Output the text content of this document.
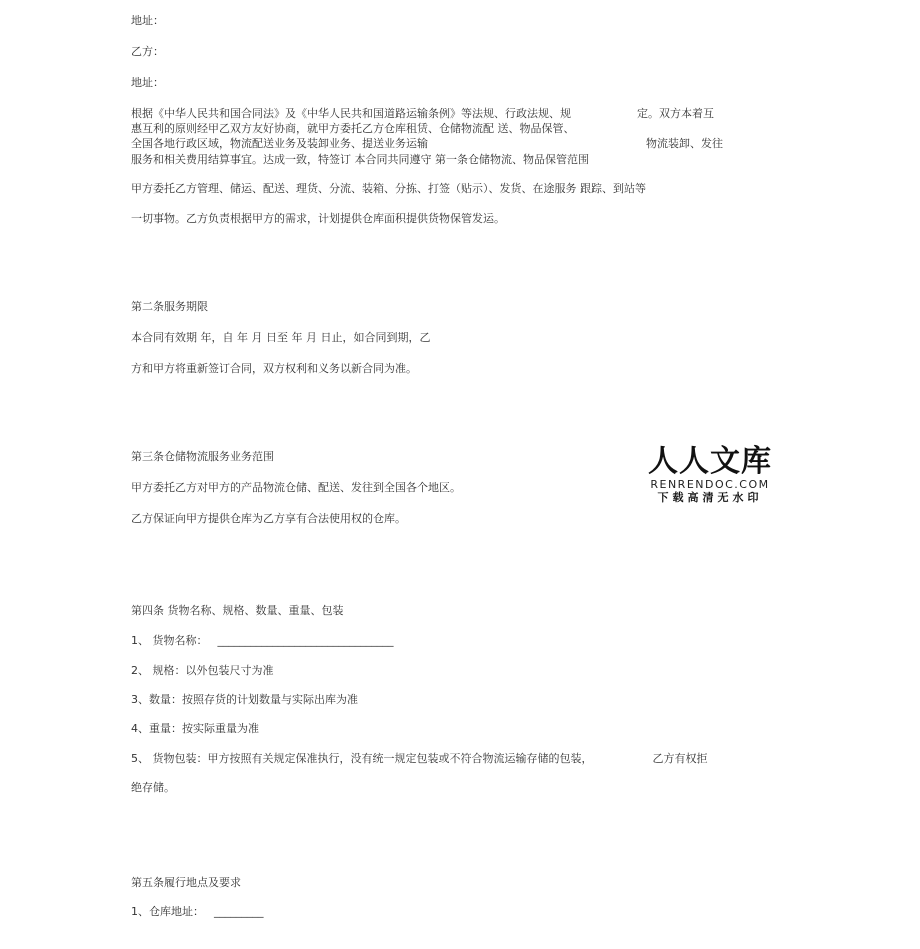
地址：

乙方：

地址：

根据《中华人民共和国合同法》及《中华人民共和国道路运输条例》等法规、行政法规、规	定。双方本着互

惠互利的原则经甲乙双方友好协商，就甲方委托乙方仓库租赁、仓储物流配 送、物品保管、

全国各地行政区域，物流配送业务及装卸业务、提送业务运输	物流装卸、发往

服务和相关费用结算事宜。达成一致，特签订 本合同共同遵守 第一条仓储物流、物品保管范围

甲方委托乙方管理、储运、配送、理货、分流、装箱、分拣、打签（贴示）、发货、在途服务 跟踪、到站等

一切事物。乙方负责根据甲方的需求，计划提供仓库面积提供货物保管发运。

第二条服务期限

本合同有效期 年，自 年 月 日至 年 月 日止，如合同到期，乙

方和甲方将重新签订合同，双方权利和义务以新合同为准。

第三条仓储物流服务业务范围

甲方委托乙方对甲方的产品物流仓储、配送、发往到全国各个地区。

乙方保证向甲方提供仓库为乙方享有合法使用权的仓库。

人人文库
RENRENDOC.COM
下载高清无水印

第四条 货物名称、规格、数量、重量、包装

1、 货物名称： ________________________________

2、 规格：以外包装尺寸为准

3、数量：按照存货的计划数量与实际出库为准

4、重量：按实际重量为准

5、 货物包装：甲方按照有关规定保准执行，没有统一规定包装或不符合物流运输存储的包装，	乙方有权拒

绝存储。

第五条履行地点及要求

1、仓库地址： _________
